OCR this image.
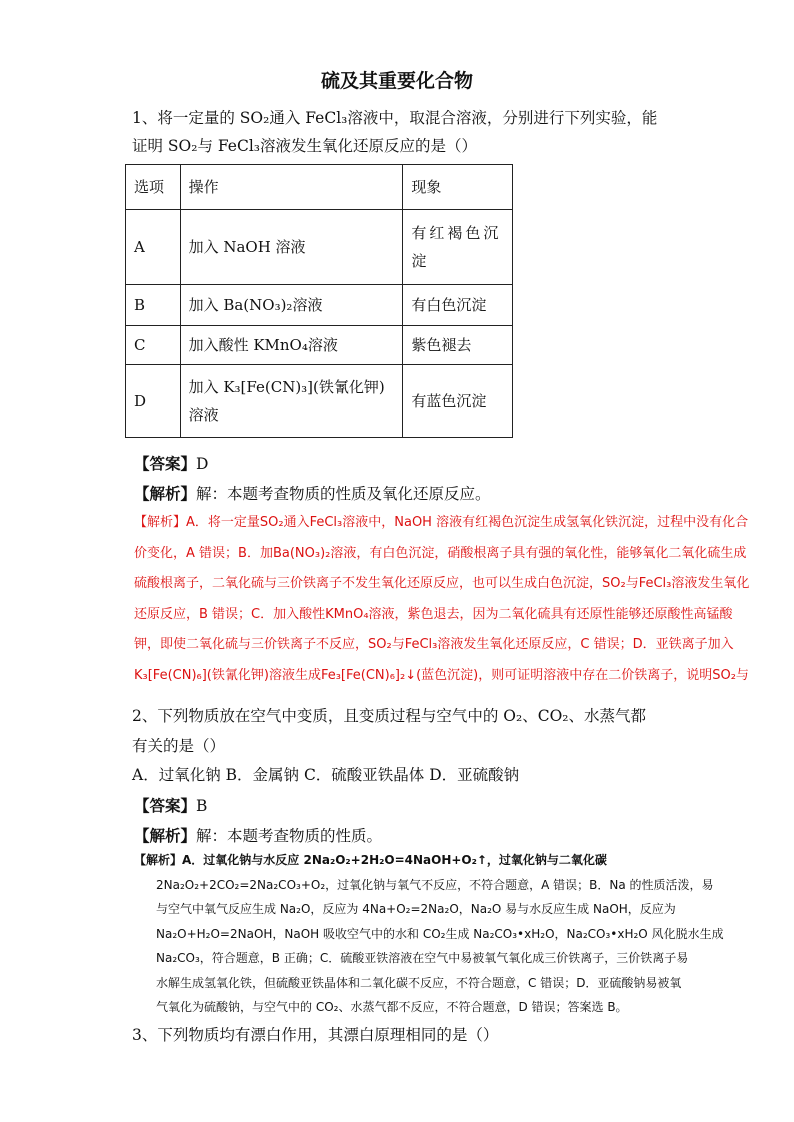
硫及其重要化合物
1、将一定量的 SO₂通入 FeCl₃溶液中，取混合溶液，分别进行下列实验，能
证明 SO₂与 FeCl₃溶液发生氧化还原反应的是（）
选项	操作	现象
A	加入 NaOH 溶液	有红褐色沉淀
B	加入 Ba(NO₃)₂溶液	有白色沉淀
C	加入酸性 KMnO₄溶液	紫色褪去
D	加入 K₃[Fe(CN)₃](铁氰化钾)溶液	有蓝色沉淀
【答案】D
【解析】解：本题考查物质的性质及氧化还原反应。
【解析】A．将一定量SO₂通入FeCl₃溶液中，NaOH 溶液有红褐色沉淀生成氢氧化铁沉淀，过程中没有化合价变化，A 错误；B．加Ba(NO₃)₂溶液，有白色沉淀，硝酸根离子具有强的氧化性，能够氧化二氧化硫生成硫酸根离子，二氧化硫与三价铁离子不发生氧化还原反应，也可以生成白色沉淀，SO₂与FeCl₃溶液发生氧化还原反应，B 错误；C．加入酸性KMnO₄溶液，紫色退去，因为二氧化硫具有还原性能够还原酸性高锰酸钾，即使二氧化硫与三价铁离子不反应，SO₂与FeCl₃溶液发生氧化还原反应，C 错误；D．亚铁离子加入K₃[Fe(CN)₆](铁氰化钾)溶液生成Fe₃[Fe(CN)₆]₂↓(蓝色沉淀)，则可证明溶液中存在二价铁离子，说明SO₂与
2、下列物质放在空气中变质，且变质过程与空气中的 O₂、CO₂、水蒸气都
有关的是（）
A．过氧化钠 B．金属钠 C．硫酸亚铁晶体 D．亚硫酸钠
【答案】B
【解析】解：本题考查物质的性质。
【解析】A．过氧化钠与水反应 2Na₂O₂+2H₂O=4NaOH+O₂↑，过氧化钠与二氧化碳
2Na₂O₂+2CO₂=2Na₂CO₃+O₂，过氧化钠与氧气不反应，不符合题意，A 错误；B．Na 的性质活泼，易
与空气中氧气反应生成 Na₂O，反应为 4Na+O₂=2Na₂O，Na₂O 易与水反应生成 NaOH，反应为
Na₂O+H₂O=2NaOH，NaOH 吸收空气中的水和 CO₂生成 Na₂CO₃•xH₂O，Na₂CO₃•xH₂O 风化脱水生成
Na₂CO₃，符合题意，B 正确；C．硫酸亚铁溶液在空气中易被氧气氧化成三价铁离子，三价铁离子易
水解生成氢氧化铁，但硫酸亚铁晶体和二氧化碳不反应，不符合题意，C 错误；D．亚硫酸钠易被氧
气氧化为硫酸钠，与空气中的 CO₂、水蒸气都不反应，不符合题意，D 错误；答案选 B。
3、下列物质均有漂白作用，其漂白原理相同的是（）
